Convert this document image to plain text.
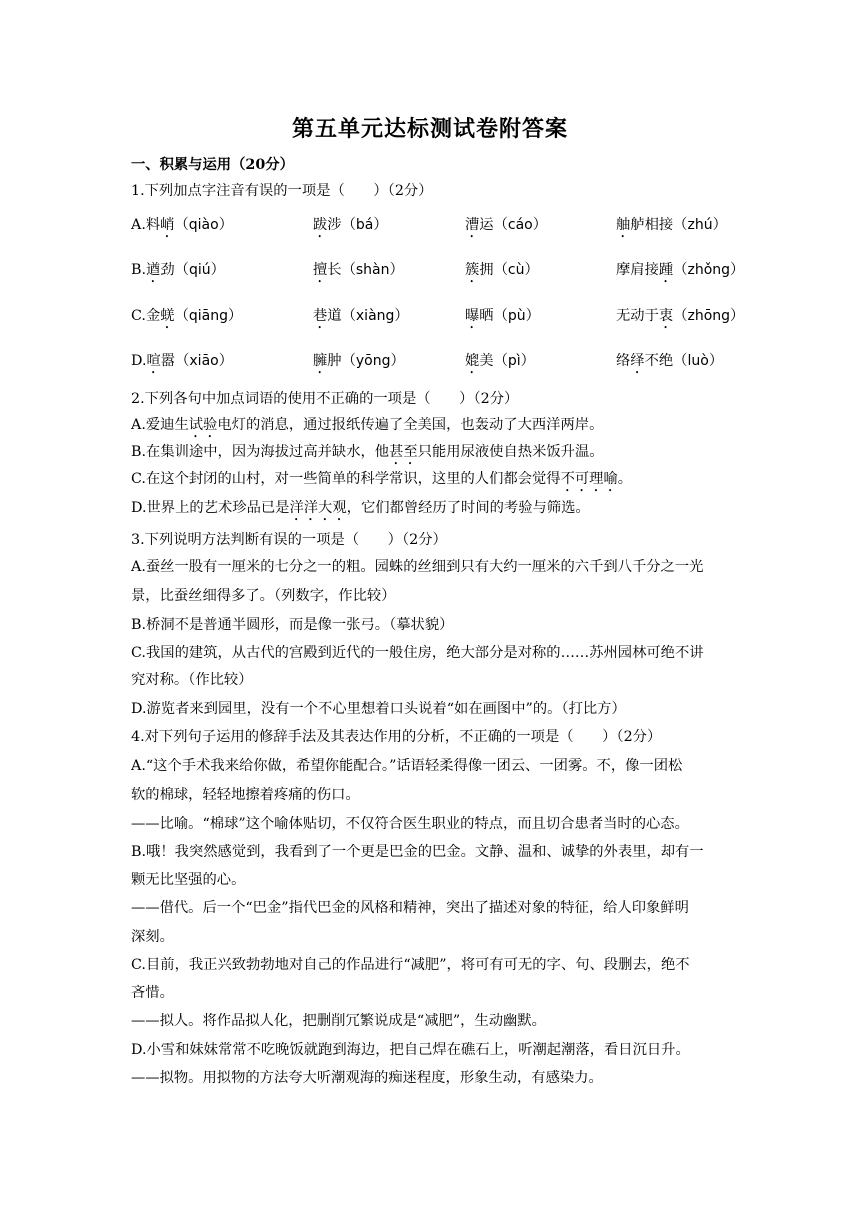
第五单元达标测试卷附答案
一、积累与运用（20分）
1.下列加点字注音有误的一项是（　　）（2分）
A.料峭（qiào）	跋涉（bá）	漕运（cáo）	舳舻相接（zhú）
B.遒劲（qiú）	擅长（shàn）	簇拥（cù）	摩肩接踵（zhǒng）
C.金蜣（qiāng）	巷道（xiàng）	曝晒（pù）	无动于衷（zhōng）
D.喧嚣（xiāo）	臃肿（yōng）	媲美（pì）	络绎不绝（luò）
2.下列各句中加点词语的使用不正确的一项是（　　）（2分）
A.爱迪生试验电灯的消息，通过报纸传遍了全美国，也轰动了大西洋两岸。
B.在集训途中，因为海拔过高并缺水，他甚至只能用尿液使自热米饭升温。
C.在这个封闭的山村，对一些简单的科学常识，这里的人们都会觉得不可理喻。
D.世界上的艺术珍品已是洋洋大观，它们都曾经历了时间的考验与筛选。
3.下列说明方法判断有误的一项是（　　）（2分）
A.蚕丝一股有一厘米的七分之一的粗。园蛛的丝细到只有大约一厘米的六千到八千分之一光
景，比蚕丝细得多了。（列数字，作比较）
B.桥洞不是普通半圆形，而是像一张弓。（摹状貌）
C.我国的建筑，从古代的宫殿到近代的一般住房，绝大部分是对称的……苏州园林可绝不讲
究对称。（作比较）
D.游览者来到园里，没有一个不心里想着口头说着“如在画图中”的。（打比方）
4.对下列句子运用的修辞手法及其表达作用的分析，不正确的一项是（　　）（2分）
A.“这个手术我来给你做，希望你能配合。”话语轻柔得像一团云、一团雾。不，像一团松
软的棉球，轻轻地擦着疼痛的伤口。
——比喻。“棉球”这个喻体贴切，不仅符合医生职业的特点，而且切合患者当时的心态。
B.哦！我突然感觉到，我看到了一个更是巴金的巴金。文静、温和、诚挚的外表里，却有一
颗无比坚强的心。
——借代。后一个“巴金”指代巴金的风格和精神，突出了描述对象的特征，给人印象鲜明
深刻。
C.目前，我正兴致勃勃地对自己的作品进行“减肥”，将可有可无的字、句、段删去，绝不
吝惜。
——拟人。将作品拟人化，把删削冗繁说成是“减肥”，生动幽默。
D.小雪和妹妹常常不吃晚饭就跑到海边，把自己焊在礁石上，听潮起潮落，看日沉日升。
——拟物。用拟物的方法夸大听潮观海的痴迷程度，形象生动，有感染力。
